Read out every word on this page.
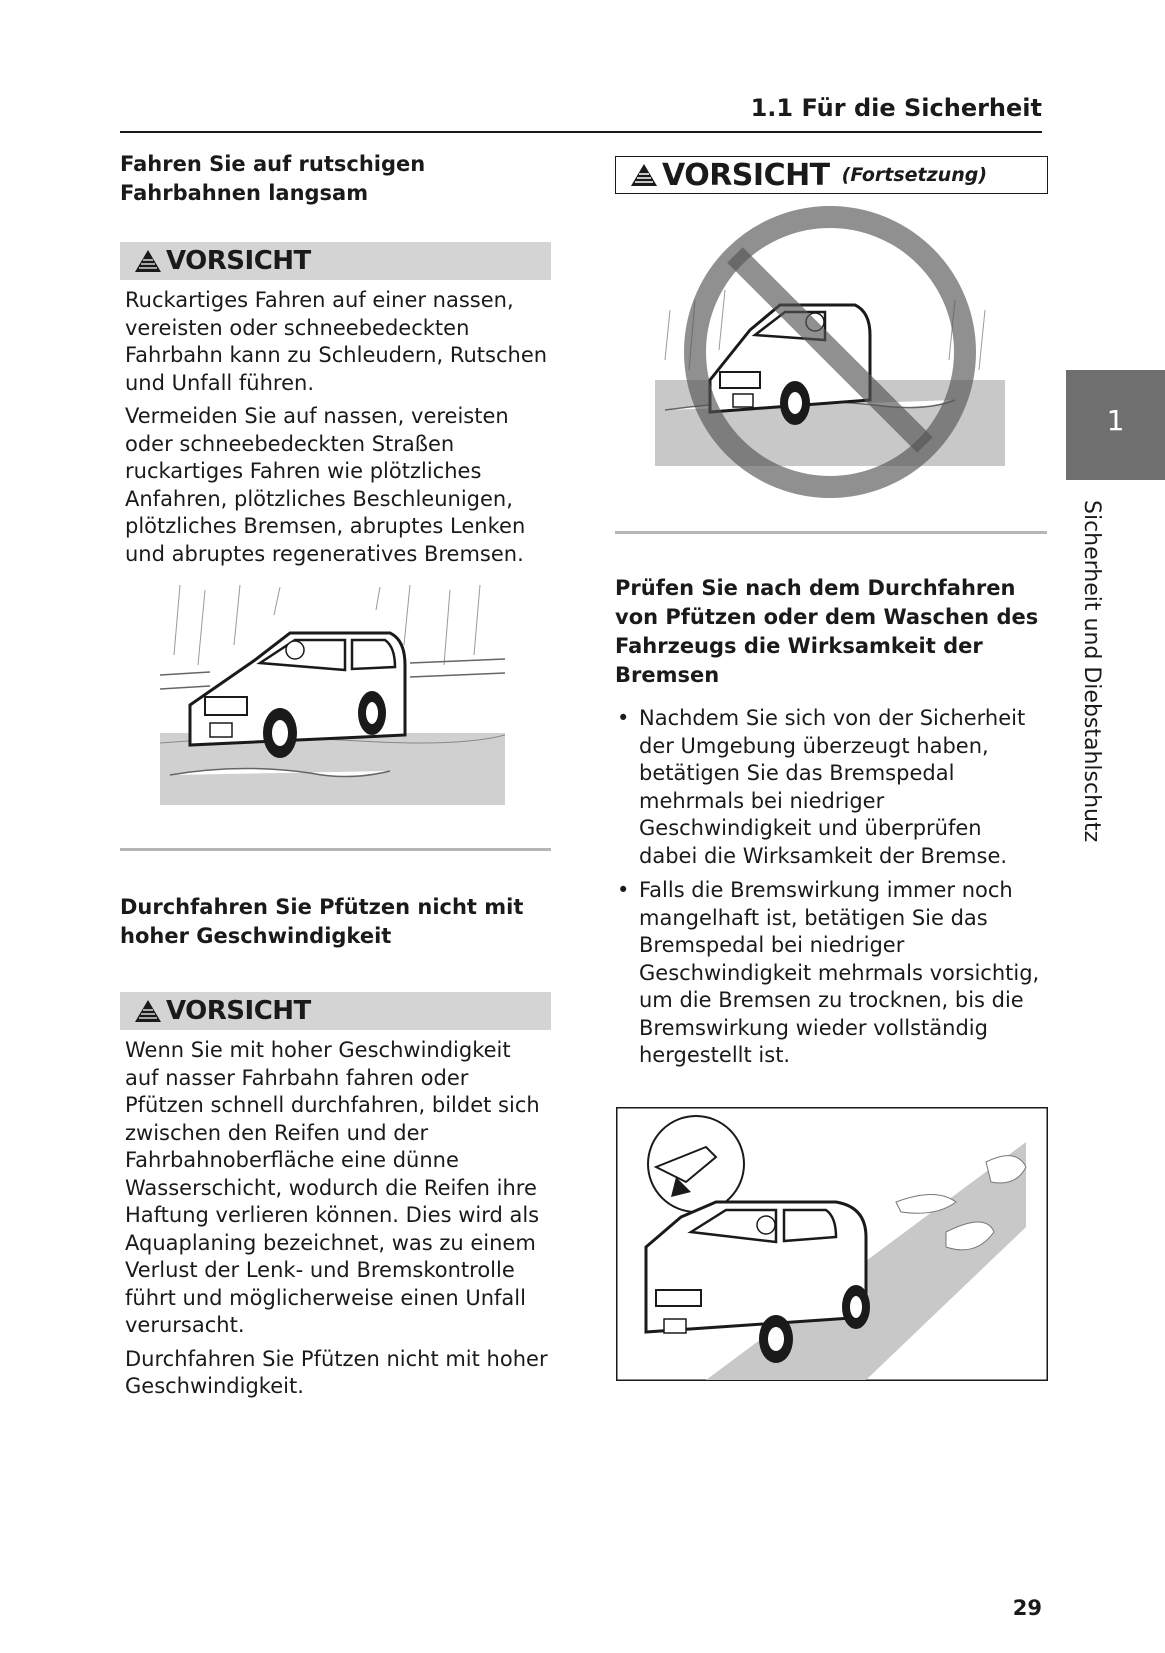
1.1 Für die Sicherheit
Fahren Sie auf rutschigen Fahrbahnen langsam
VORSICHT

Ruckartiges Fahren auf einer nassen, vereisten oder schneebedeckten Fahrbahn kann zu Schleudern, Rutschen und Unfall führen.

Vermeiden Sie auf nassen, vereisten oder schneebedeckten Straßen ruckartiges Fahren wie plötzliches Anfahren, plötzliches Beschleunigen, plötzliches Bremsen, abruptes Lenken und abruptes regeneratives Bremsen.

Durchfahren Sie Pfützen nicht mit hoher Geschwindigkeit
VORSICHT

Wenn Sie mit hoher Geschwindigkeit auf nasser Fahrbahn fahren oder Pfützen schnell durchfahren, bildet sich zwischen den Reifen und der Fahrbahnoberfläche eine dünne Wasserschicht, wodurch die Reifen ihre Haftung verlieren können. Dies wird als Aquaplaning bezeichnet, was zu einem Verlust der Lenk- und Bremskontrolle führt und möglicherweise einen Unfall verursacht.

Durchfahren Sie Pfützen nicht mit hoher Geschwindigkeit.

VORSICHT (Fortsetzung)
Prüfen Sie nach dem Durchfahren von Pfützen oder dem Waschen des Fahrzeugs die Wirksamkeit der Bremsen
• Nachdem Sie sich von der Sicherheit der Umgebung überzeugt haben, betätigen Sie das Bremspedal mehrmals bei niedriger Geschwindigkeit und überprüfen dabei die Wirksamkeit der Bremse.
• Falls die Bremswirkung immer noch mangelhaft ist, betätigen Sie das Bremspedal bei niedriger Geschwindigkeit mehrmals vorsichtig, um die Bremsen zu trocknen, bis die Bremswirkung wieder vollständig hergestellt ist.
1
Sicherheit und Diebstahlschutz
29
